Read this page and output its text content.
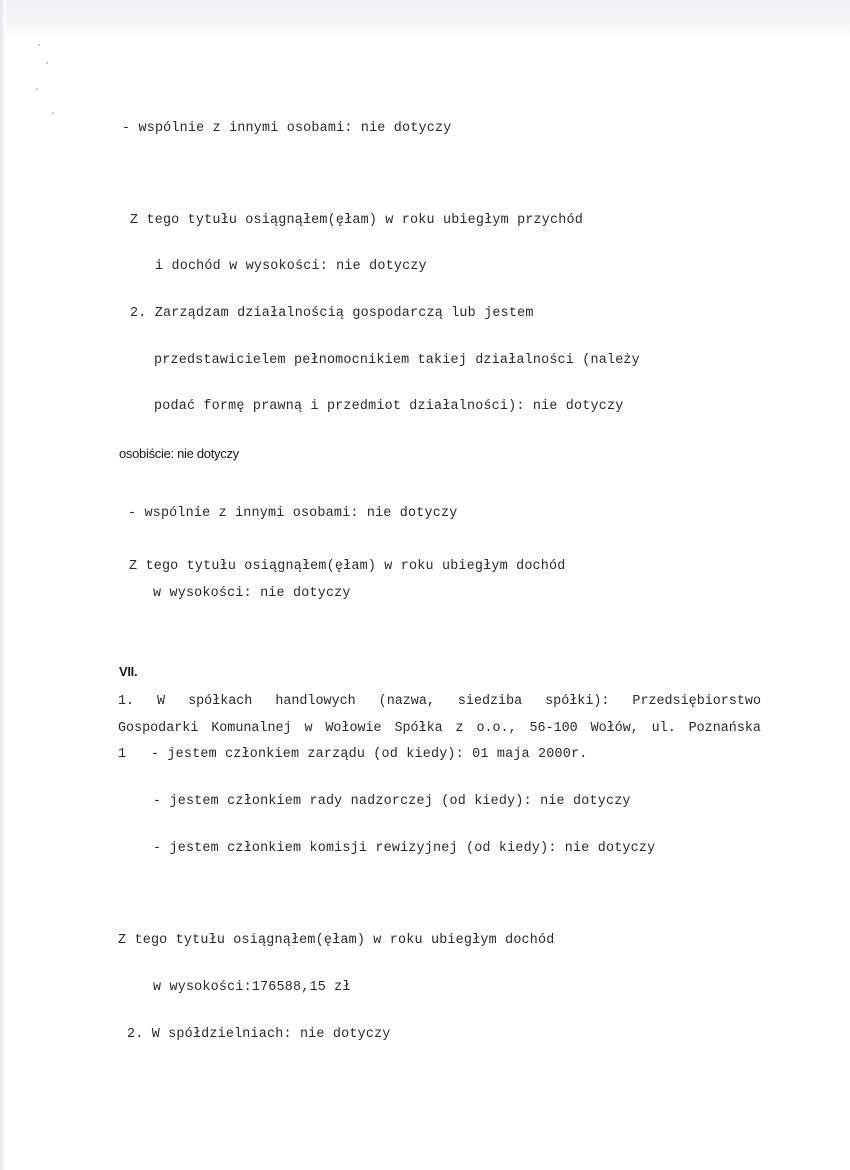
- wspólnie z innymi osobami: nie dotyczy
Z tego tytułu osiągnąłem(ęłam) w roku ubiegłym przychód
i dochód w wysokości: nie dotyczy
2. Zarządzam działalnością gospodarczą lub jestem
przedstawicielem pełnomocnikiem takiej działalności (należy
podać formę prawną i przedmiot działalności): nie dotyczy
osobiście: nie dotyczy
- wspólnie z innymi osobami: nie dotyczy
Z tego tytułu osiągnąłem(ęłam) w roku ubiegłym dochód
w wysokości: nie dotyczy
VII.
1. W spółkach handlowych (nazwa, siedziba spółki): Przedsiębiorstwo
Gospodarki Komunalnej w Wołowie Spółka z o.o., 56-100 Wołów, ul. Poznańska
1   - jestem członkiem zarządu (od kiedy): 01 maja 2000r.
- jestem członkiem rady nadzorczej (od kiedy): nie dotyczy
- jestem członkiem komisji rewizyjnej (od kiedy): nie dotyczy
Z tego tytułu osiągnąłem(ęłam) w roku ubiegłym dochód
w wysokości:176588,15 zł
2. W spółdzielniach: nie dotyczy
